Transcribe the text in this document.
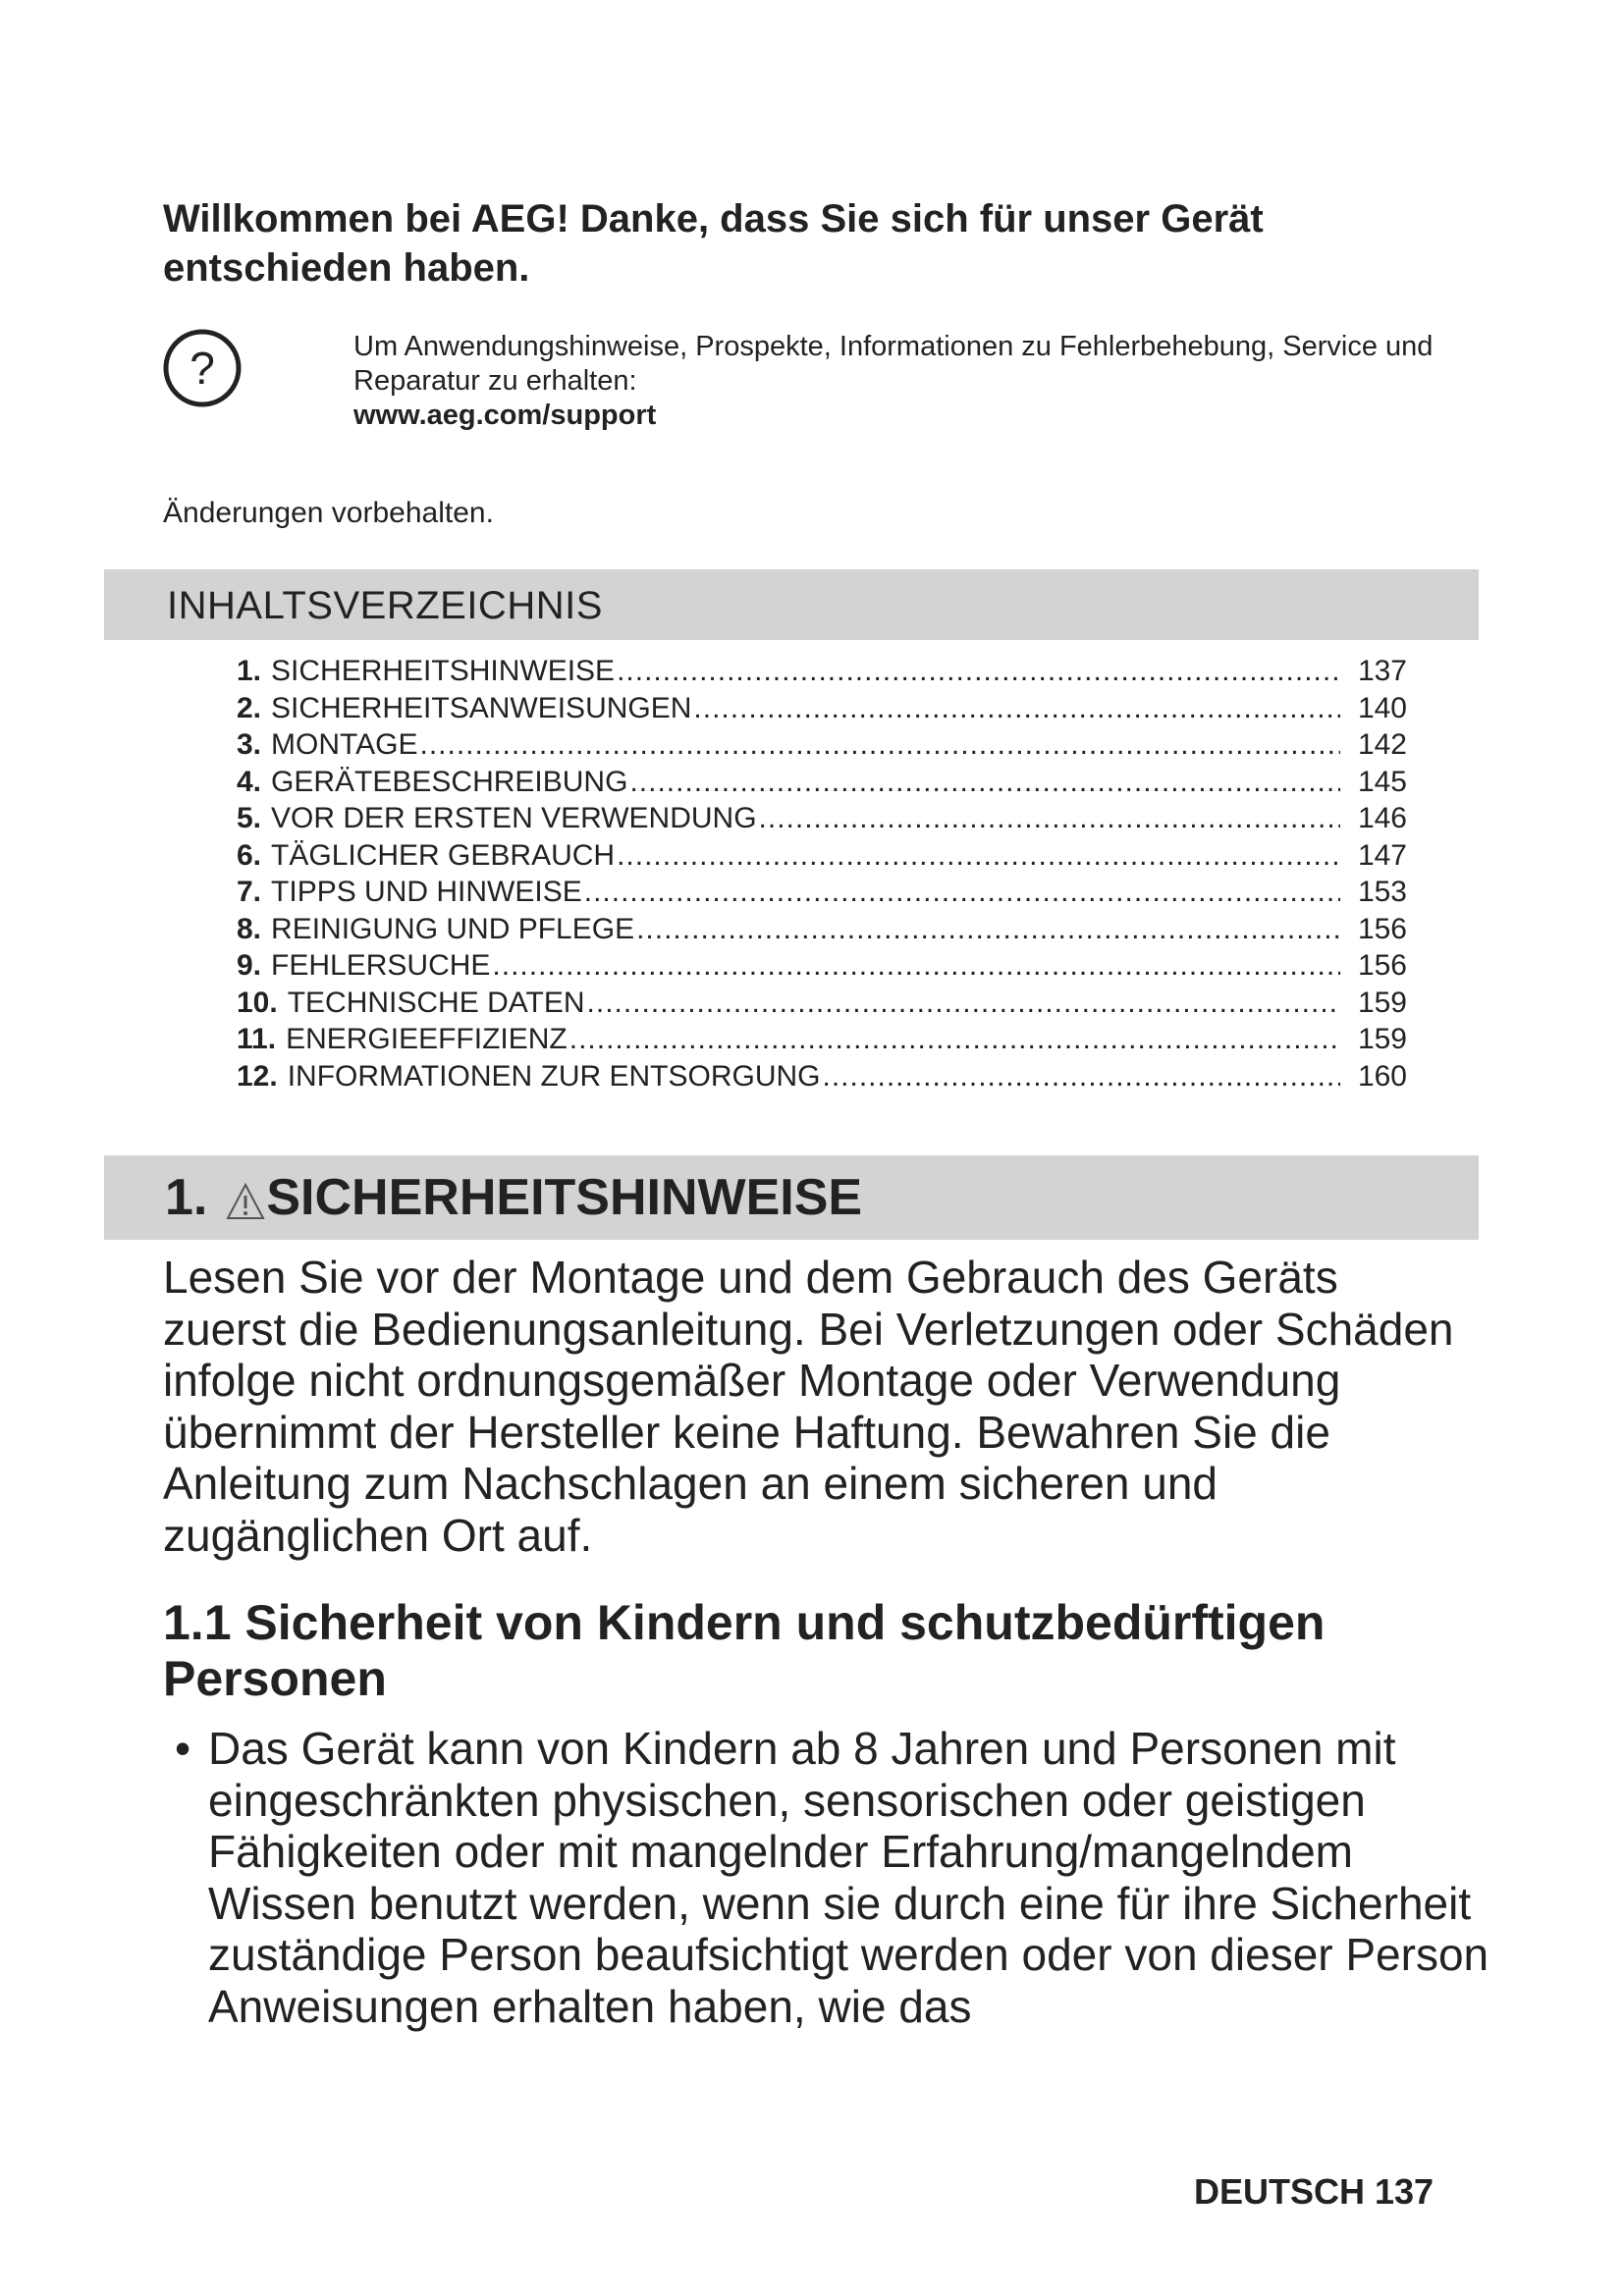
Willkommen bei AEG! Danke, dass Sie sich für unser Gerät entschieden haben.
?	Um Anwendungshinweise, Prospekte, Informationen zu Fehlerbehebung, Service und Reparatur zu erhalten:
www.aeg.com/support
Änderungen vorbehalten.
INHALTSVERZEICHNIS
1. SICHERHEITSHINWEISE .....	137
2. SICHERHEITSANWEISUNGEN .....	140
3. MONTAGE .....	142
4. GERÄTEBESCHREIBUNG .....	145
5. VOR DER ERSTEN VERWENDUNG .....	146
6. TÄGLICHER GEBRAUCH .....	147
7. TIPPS UND HINWEISE .....	153
8. REINIGUNG UND PFLEGE .....	156
9. FEHLERSUCHE .....	156
10. TECHNISCHE DATEN .....	159
11. ENERGIEEFFIZIENZ .....	159
12. INFORMATIONEN ZUR ENTSORGUNG .....	160
1. SICHERHEITSHINWEISE

Lesen Sie vor der Montage und dem Gebrauch des Geräts zuerst die Bedienungsanleitung. Bei Verletzungen oder Schäden infolge nicht ordnungsgemäßer Montage oder Verwendung übernimmt der Hersteller keine Haftung. Bewahren Sie die Anleitung zum Nachschlagen an einem sicheren und zugänglichen Ort auf.

1.1 Sicherheit von Kindern und schutzbedürftigen Personen

• Das Gerät kann von Kindern ab 8 Jahren und Personen mit eingeschränkten physischen, sensorischen oder geistigen Fähigkeiten oder mit mangelnder Erfahrung/mangelndem Wissen benutzt werden, wenn sie durch eine für ihre Sicherheit zuständige Person beaufsichtigt werden oder von dieser Person Anweisungen erhalten haben, wie das

DEUTSCH 137
